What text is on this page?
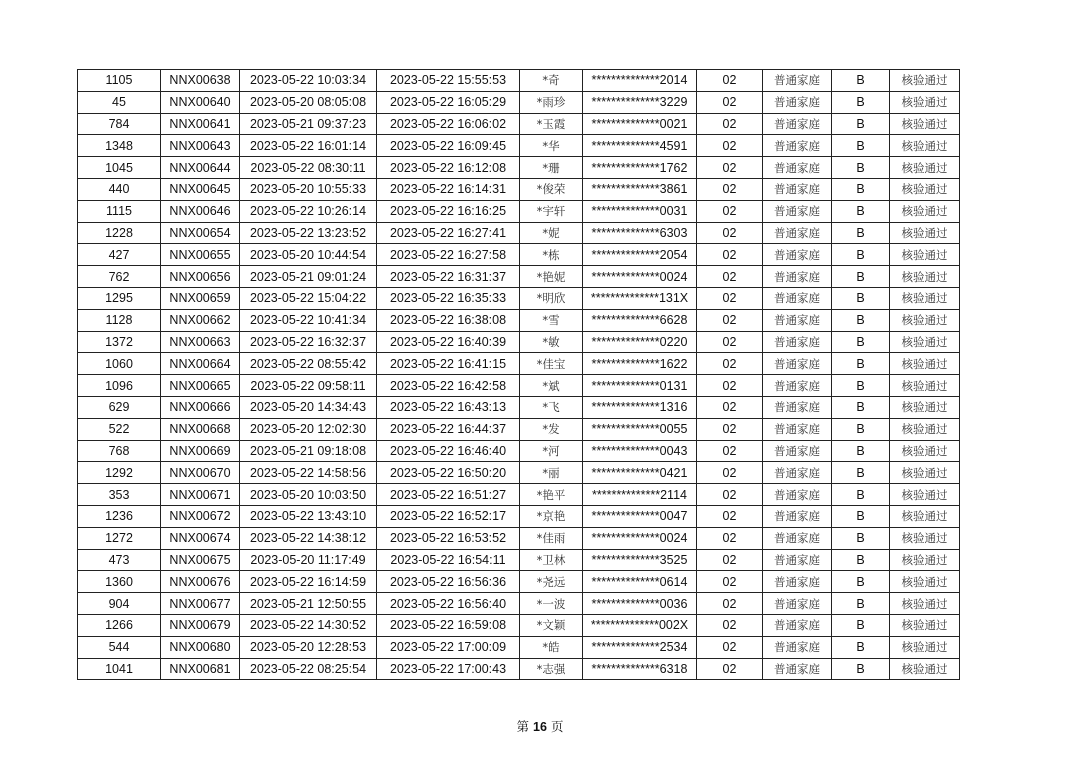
1105	NNX00638	2023-05-22 10:03:34	2023-05-22 15:55:53	*奇	**************2014	02	普通家庭	B	核验通过
45	NNX00640	2023-05-20 08:05:08	2023-05-22 16:05:29	*雨珍	**************3229	02	普通家庭	B	核验通过
784	NNX00641	2023-05-21 09:37:23	2023-05-22 16:06:02	*玉霞	**************0021	02	普通家庭	B	核验通过
1348	NNX00643	2023-05-22 16:01:14	2023-05-22 16:09:45	*华	**************4591	02	普通家庭	B	核验通过
1045	NNX00644	2023-05-22 08:30:11	2023-05-22 16:12:08	*珊	**************1762	02	普通家庭	B	核验通过
440	NNX00645	2023-05-20 10:55:33	2023-05-22 16:14:31	*俊荣	**************3861	02	普通家庭	B	核验通过
1115	NNX00646	2023-05-22 10:26:14	2023-05-22 16:16:25	*宇轩	**************0031	02	普通家庭	B	核验通过
1228	NNX00654	2023-05-22 13:23:52	2023-05-22 16:27:41	*妮	**************6303	02	普通家庭	B	核验通过
427	NNX00655	2023-05-20 10:44:54	2023-05-22 16:27:58	*栋	**************2054	02	普通家庭	B	核验通过
762	NNX00656	2023-05-21 09:01:24	2023-05-22 16:31:37	*艳妮	**************0024	02	普通家庭	B	核验通过
1295	NNX00659	2023-05-22 15:04:22	2023-05-22 16:35:33	*明欣	**************131X	02	普通家庭	B	核验通过
1128	NNX00662	2023-05-22 10:41:34	2023-05-22 16:38:08	*雪	**************6628	02	普通家庭	B	核验通过
1372	NNX00663	2023-05-22 16:32:37	2023-05-22 16:40:39	*敏	**************0220	02	普通家庭	B	核验通过
1060	NNX00664	2023-05-22 08:55:42	2023-05-22 16:41:15	*佳宝	**************1622	02	普通家庭	B	核验通过
1096	NNX00665	2023-05-22 09:58:11	2023-05-22 16:42:58	*斌	**************0131	02	普通家庭	B	核验通过
629	NNX00666	2023-05-20 14:34:43	2023-05-22 16:43:13	*飞	**************1316	02	普通家庭	B	核验通过
522	NNX00668	2023-05-20 12:02:30	2023-05-22 16:44:37	*发	**************0055	02	普通家庭	B	核验通过
768	NNX00669	2023-05-21 09:18:08	2023-05-22 16:46:40	*河	**************0043	02	普通家庭	B	核验通过
1292	NNX00670	2023-05-22 14:58:56	2023-05-22 16:50:20	*丽	**************0421	02	普通家庭	B	核验通过
353	NNX00671	2023-05-20 10:03:50	2023-05-22 16:51:27	*艳平	**************2114	02	普通家庭	B	核验通过
1236	NNX00672	2023-05-22 13:43:10	2023-05-22 16:52:17	*京艳	**************0047	02	普通家庭	B	核验通过
1272	NNX00674	2023-05-22 14:38:12	2023-05-22 16:53:52	*佳雨	**************0024	02	普通家庭	B	核验通过
473	NNX00675	2023-05-20 11:17:49	2023-05-22 16:54:11	*卫林	**************3525	02	普通家庭	B	核验通过
1360	NNX00676	2023-05-22 16:14:59	2023-05-22 16:56:36	*尧远	**************0614	02	普通家庭	B	核验通过
904	NNX00677	2023-05-21 12:50:55	2023-05-22 16:56:40	*一波	**************0036	02	普通家庭	B	核验通过
1266	NNX00679	2023-05-22 14:30:52	2023-05-22 16:59:08	*文颖	**************002X	02	普通家庭	B	核验通过
544	NNX00680	2023-05-20 12:28:53	2023-05-22 17:00:09	*皓	**************2534	02	普通家庭	B	核验通过
1041	NNX00681	2023-05-22 08:25:54	2023-05-22 17:00:43	*志强	**************6318	02	普通家庭	B	核验通过
第 16 页
